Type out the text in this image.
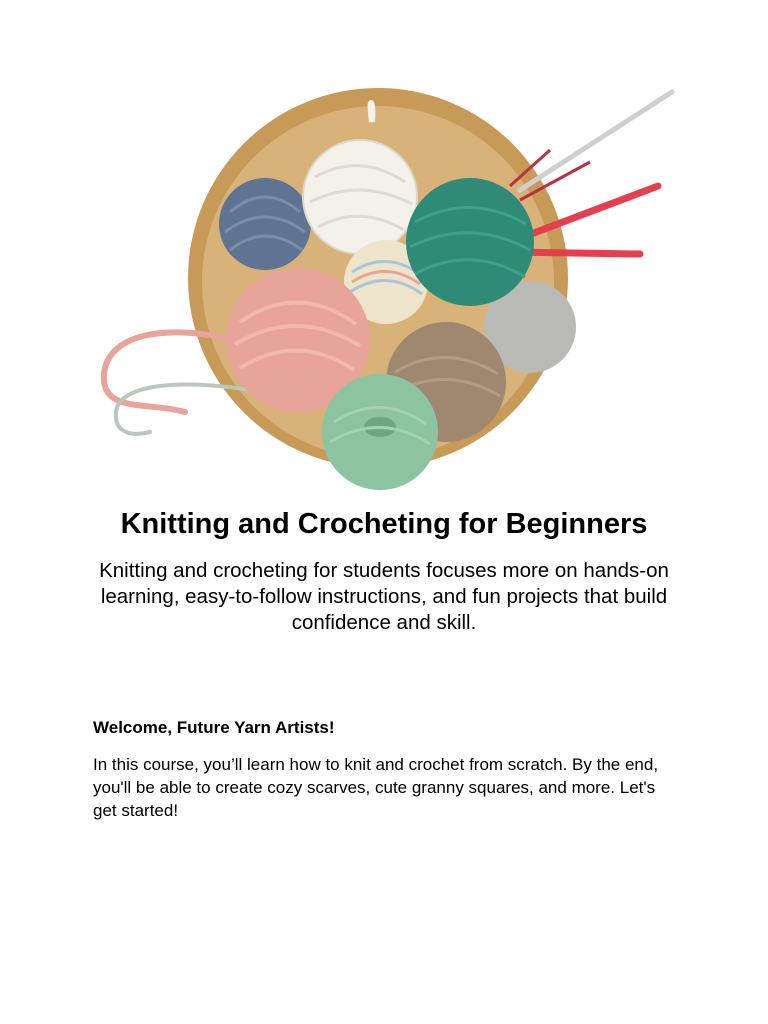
Knitting and Crocheting for Beginners

Knitting and crocheting for students focuses more on hands-on learning, easy-to-follow instructions, and fun projects that build confidence and skill.

Welcome, Future Yarn Artists!

In this course, you’ll learn how to knit and crochet from scratch. By the end, you'll be able to create cozy scarves, cute granny squares, and more. Let's get started!
